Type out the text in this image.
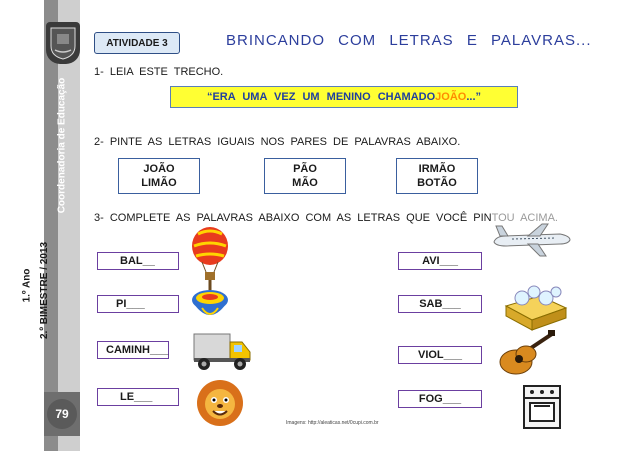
Coordenadoria de Educação
1.º Ano 2.º BIMESTRE / 2013
79
ATIVIDADE 3	BRINCANDO COM LETRAS E PALAVRAS...
1- LEIA ESTE TRECHO.
“ERA UMA VEZ UM MENINO CHAMADO JOÃO ...”
2- PINTE AS LETRAS IGUAIS NOS PARES DE PALAVRAS ABAIXO.
JOÃO
LIMÃO
PÃO
MÃO
IRMÃO
BOTÃO
3- COMPLETE AS PALAVRAS ABAIXO COM AS LETRAS QUE VOCÊ PINTOU ACIMA.
BAL__
PI___
CAMINH___
LE___
AVI___
SAB___
VIOL___
FOG___
Imagens: http://aleaticas.net/0cupi.com.br
